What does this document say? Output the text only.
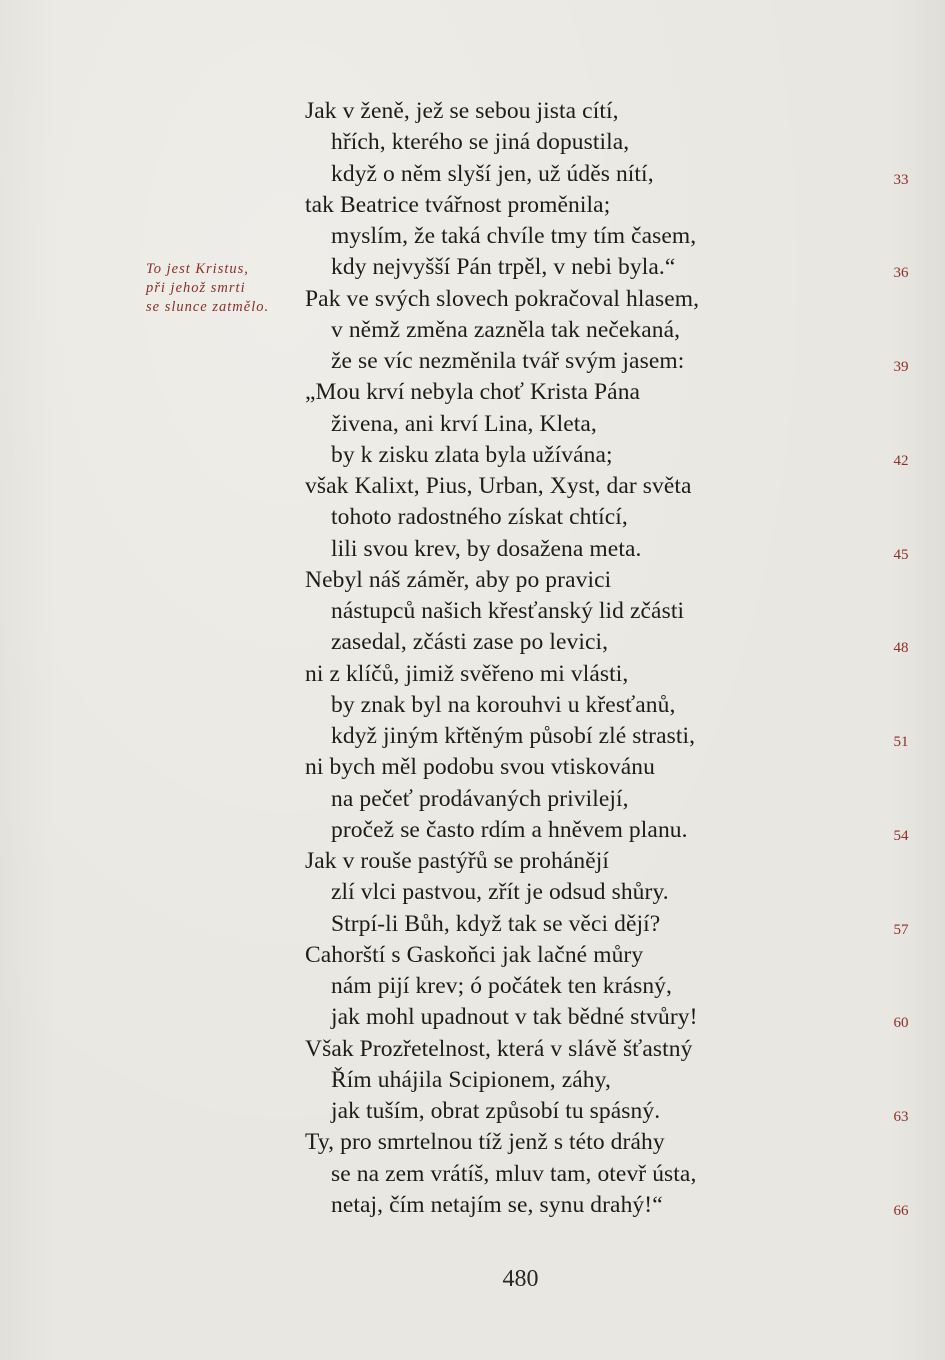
To jest Kristus,
při jehož smrti
se slunce zatmělo.
Jak v ženě, jež se sebou jista cítí,
hřích, kterého se jiná dopustila,
když o něm slyší jen, už úděs nítí,	33
tak Beatrice tvářnost proměnila;
myslím, že taká chvíle tmy tím časem,
kdy nejvyšší Pán trpěl, v nebi byla.“	36
Pak ve svých slovech pokračoval hlasem,
v němž změna zazněla tak nečekaná,
že se víc nezměnila tvář svým jasem:	39
„Mou krví nebyla choť Krista Pána
živena, ani krví Lina, Kleta,
by k zisku zlata byla užívána;	42
však Kalixt, Pius, Urban, Xyst, dar světa
tohoto radostného získat chtící,
lili svou krev, by dosažena meta.	45
Nebyl náš záměr, aby po pravici
nástupců našich křesťanský lid zčásti
zasedal, zčásti zase po levici,	48
ni z klíčů, jimiž svěřeno mi vlásti,
by znak byl na korouhvi u křesťanů,
když jiným křtěným působí zlé strasti,	51
ni bych měl podobu svou vtiskovánu
na pečeť prodávaných privilejí,
pročež se často rdím a hněvem planu.	54
Jak v rouše pastýřů se prohánějí
zlí vlci pastvou, zřít je odsud shůry.
Strpí-li Bůh, když tak se věci dějí?	57
Cahorští s Gaskoňci jak lačné můry
nám pijí krev; ó počátek ten krásný,
jak mohl upadnout v tak bědné stvůry!	60
Však Prozřetelnost, která v slávě šťastný
Řím uhájila Scipionem, záhy,
jak tuším, obrat způsobí tu spásný.	63
Ty, pro smrtelnou tíž jenž s této dráhy
se na zem vrátíš, mluv tam, otevř ústa,
netaj, čím netajím se, synu drahý!“	66
480
